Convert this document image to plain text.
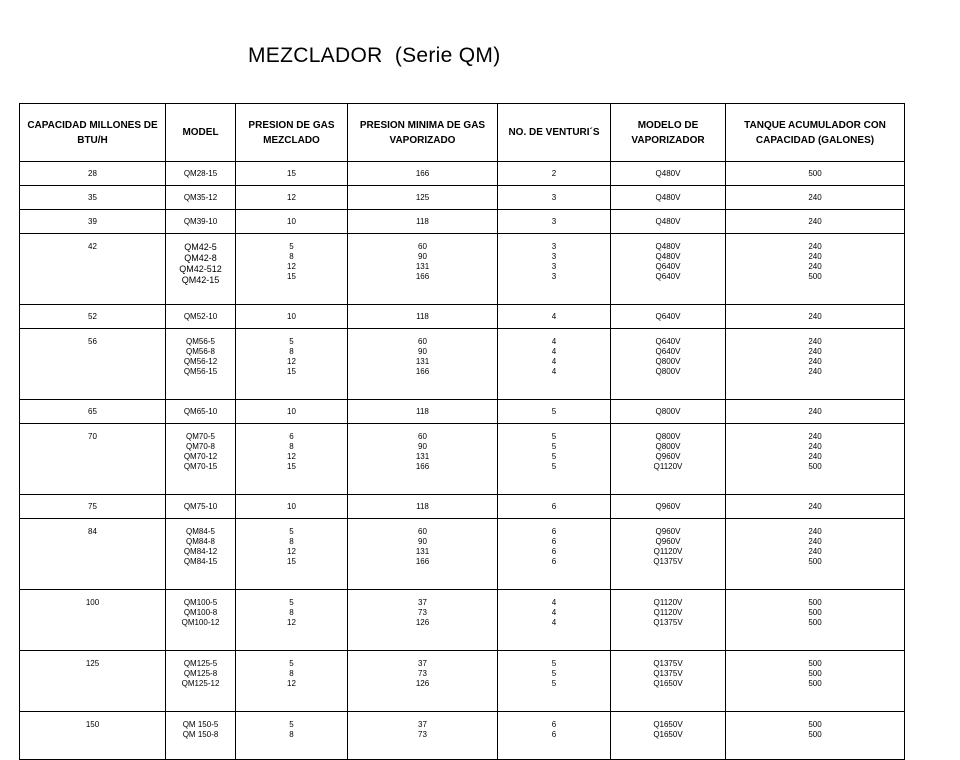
MEZCLADOR  (Serie QM)
CAPACIDAD MILLONES DE BTU/H	MODEL	PRESION DE GAS MEZCLADO	PRESION MINIMA DE GAS VAPORIZADO	NO. DE VENTURI´S	MODELO DE VAPORIZADOR	TANQUE ACUMULADOR CON CAPACIDAD (GALONES)
28	QM28-15	15	166	2	Q480V	500
35	QM35-12	12	125	3	Q480V	240
39	QM39-10	10	118	3	Q480V	240
42	QM42-5
QM42-8
QM42-512
QM42-15	5
8
12
15	60
90
131
166	3
3
3
3	Q480V
Q480V
Q640V
Q640V	240
240
240
500
52	QM52-10	10	118	4	Q640V	240
56	QM56-5
QM56-8
QM56-12
QM56-15	5
8
12
15	60
90
131
166	4
4
4
4	Q640V
Q640V
Q800V
Q800V	240
240
240
240
65	QM65-10	10	118	5	Q800V	240
70	QM70-5
QM70-8
QM70-12
QM70-15	6
8
12
15	60
90
131
166	5
5
5
5	Q800V
Q800V
Q960V
Q1120V	240
240
240
500
75	QM75-10	10	118	6	Q960V	240
84	QM84-5
QM84-8
QM84-12
QM84-15	5
8
12
15	60
90
131
166	6
6
6
6	Q960V
Q960V
Q1120V
Q1375V	240
240
240
500
100	QM100-5
QM100-8
QM100-12	5
8
12	37
73
126	4
4
4	Q1120V
Q1120V
Q1375V	500
500
500
125	QM125-5
QM125-8
QM125-12	5
8
12	37
73
126	5
5
5	Q1375V
Q1375V
Q1650V	500
500
500
150	QM 150-5
QM 150-8	5
8	37
73	6
6	Q1650V
Q1650V	500
500
